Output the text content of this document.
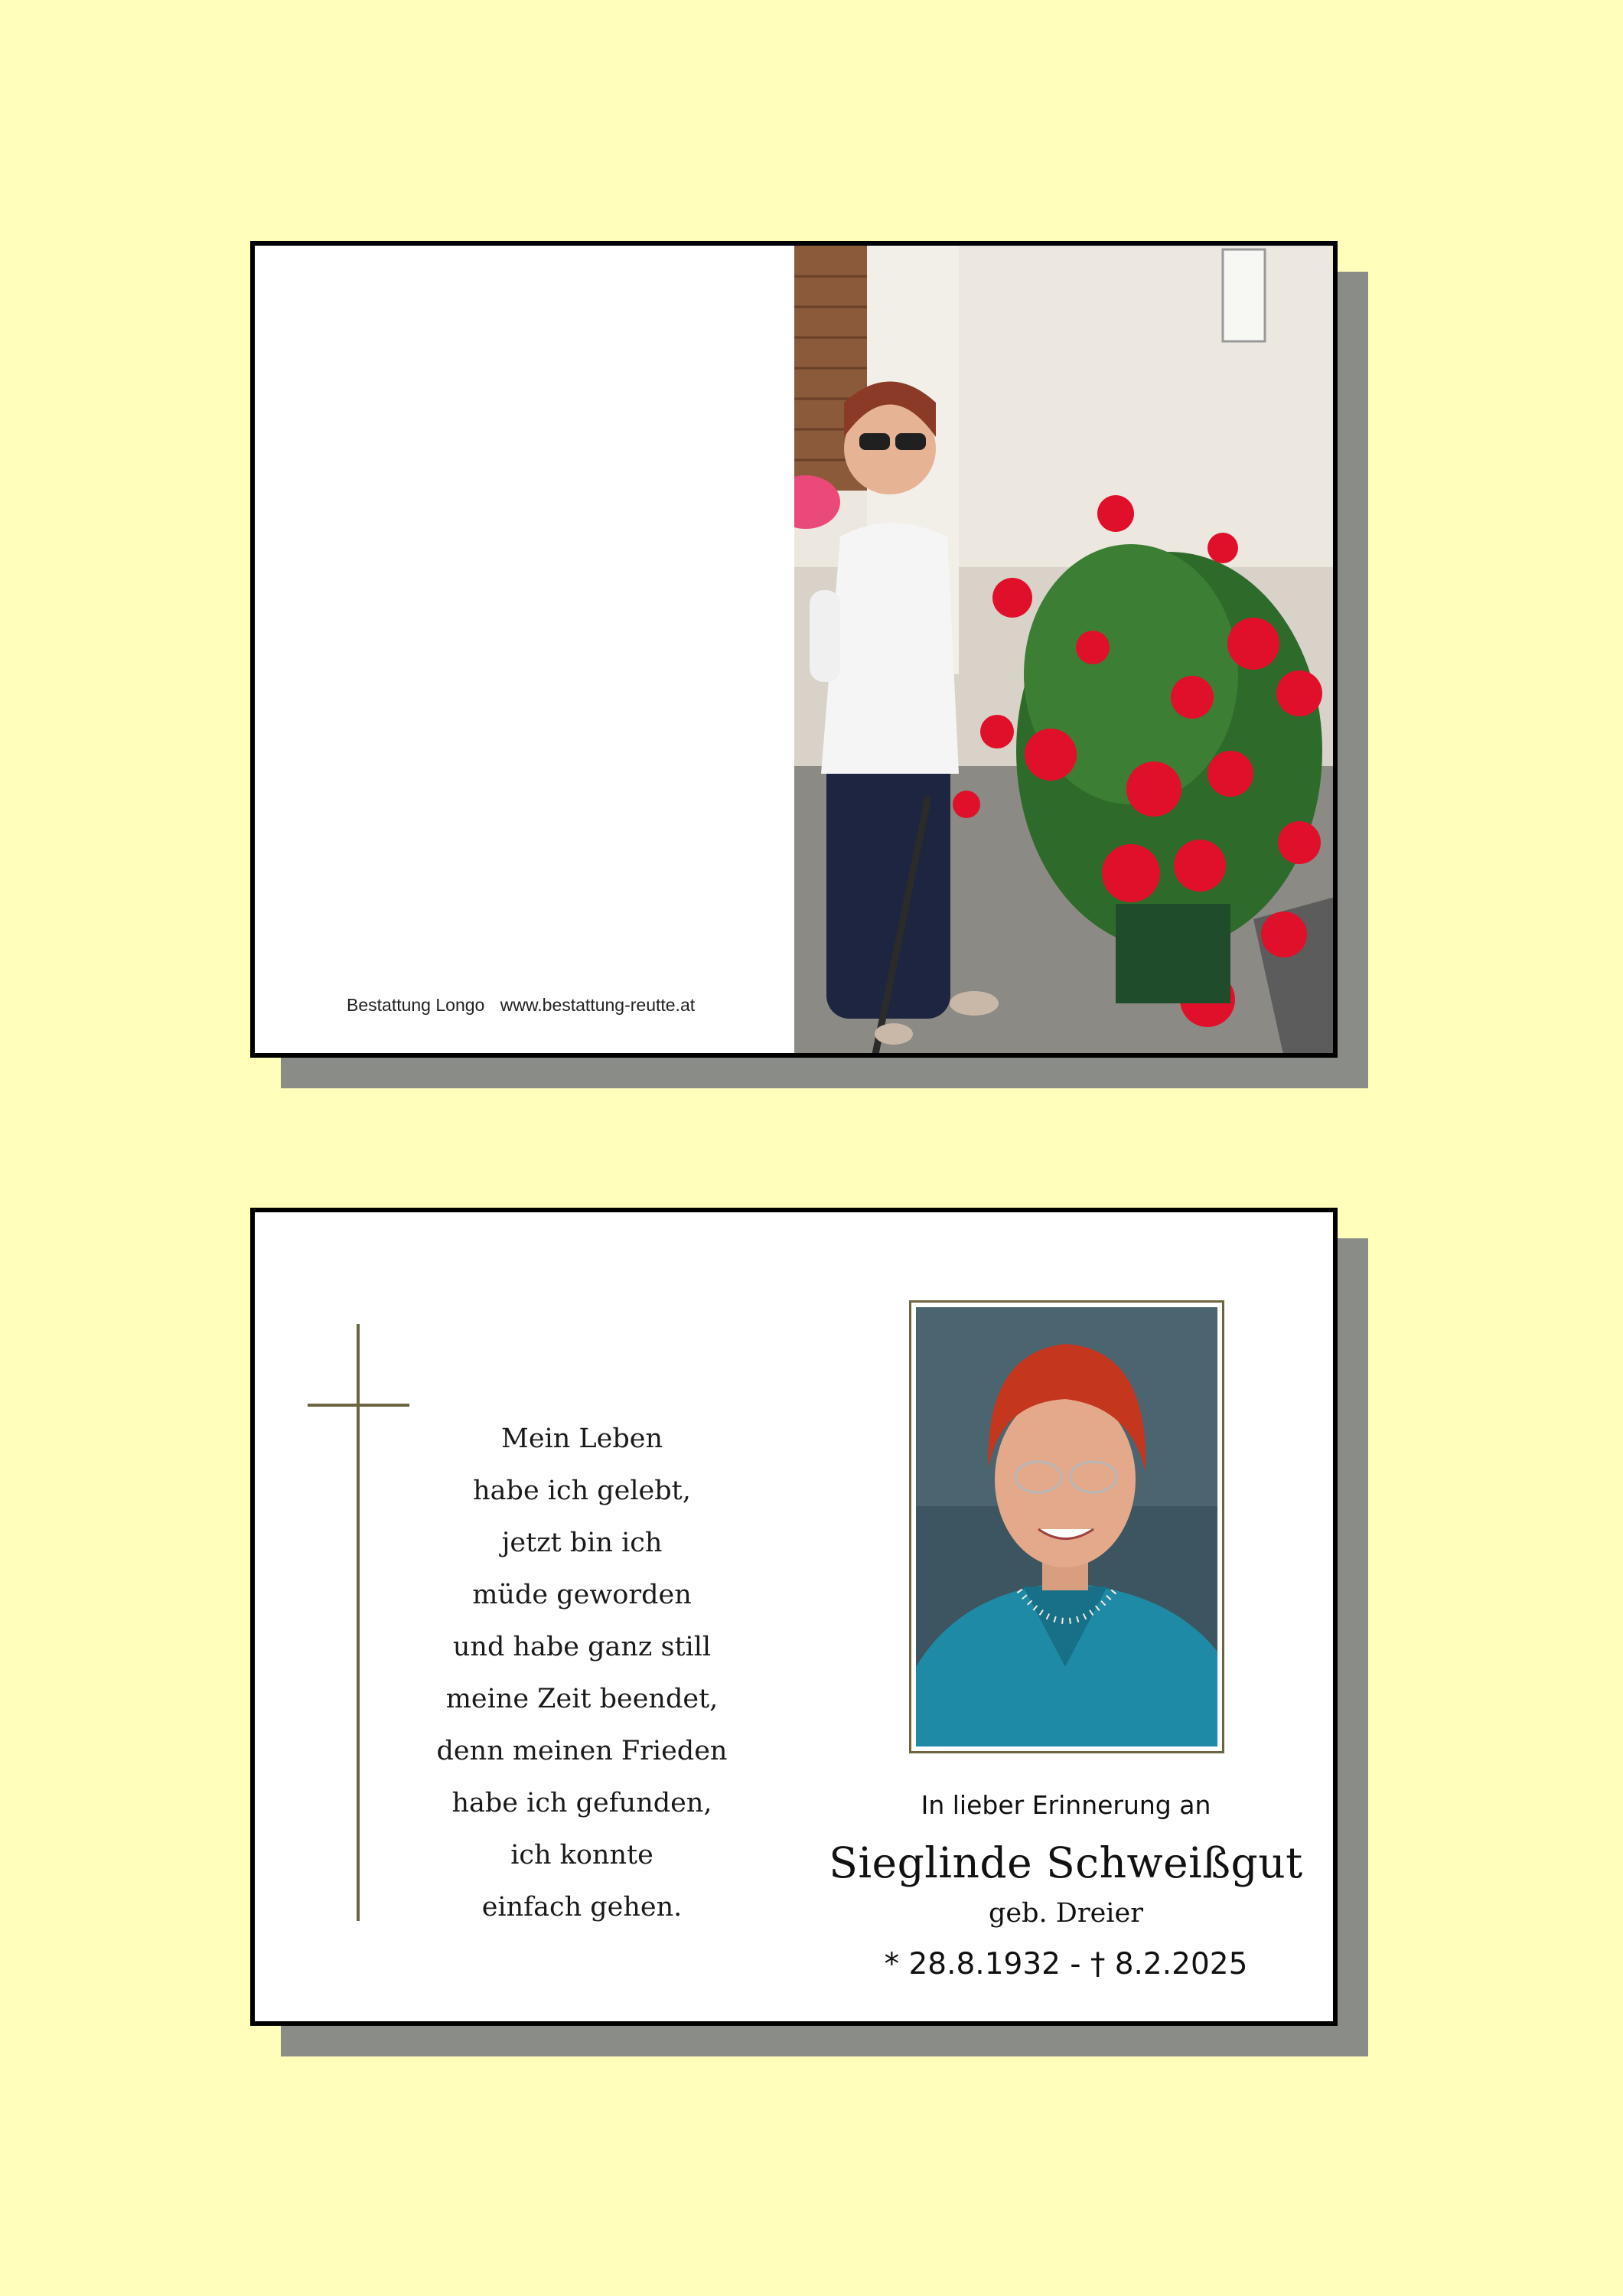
Bestattung Longo www.bestattung-reutte.at
Mein Leben
habe ich gelebt,
jetzt bin ich
müde geworden
und habe ganz still
meine Zeit beendet,
denn meinen Frieden
habe ich gefunden,
ich konnte
einfach gehen.
In lieber Erinnerung an
Sieglinde Schweißgut
geb. Dreier
* 28.8.1932 - † 8.2.2025
